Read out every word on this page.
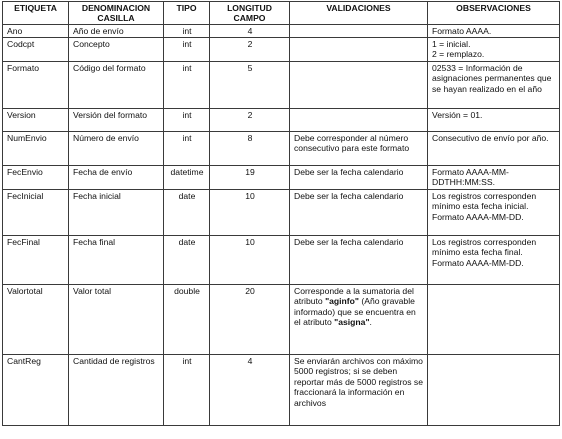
ETIQUETA	DENOMINACION CASILLA	TIPO	LONGITUD CAMPO	VALIDACIONES	OBSERVACIONES
Ano	Año de envío	int	4		Formato AAAA.
Codcpt	Concepto	int	2		1 = inicial.
2 = remplazo.
Formato	Código del formato	int	5		02533 = Información de asignaciones permanentes que se hayan realizado en el año
Version	Versión del formato	int	2		Versión = 01.
NumEnvio	Número de envío	int	8	Debe corresponder al número consecutivo para este formato	Consecutivo de envío por año.
FecEnvio	Fecha de envío	datetime	19	Debe ser la fecha calendario	Formato AAAA-MM-DDTHH:MM:SS.
FecInicial	Fecha inicial	date	10	Debe ser la fecha calendario	Los registros corresponden mínimo esta fecha inicial. Formato AAAA-MM-DD.
FecFinal	Fecha final	date	10	Debe ser la fecha calendario	Los registros corresponden mínimo esta fecha final. Formato AAAA-MM-DD.
Valortotal	Valor total	double	20	Corresponde a la sumatoria del atributo "aginfo" (Año gravable informado) que se encuentra en el atributo "asigna".	
CantReg	Cantidad de registros	int	4	Se enviarán archivos con máximo 5000 registros; si se deben reportar más de 5000 registros se fraccionará la información en archivos	
